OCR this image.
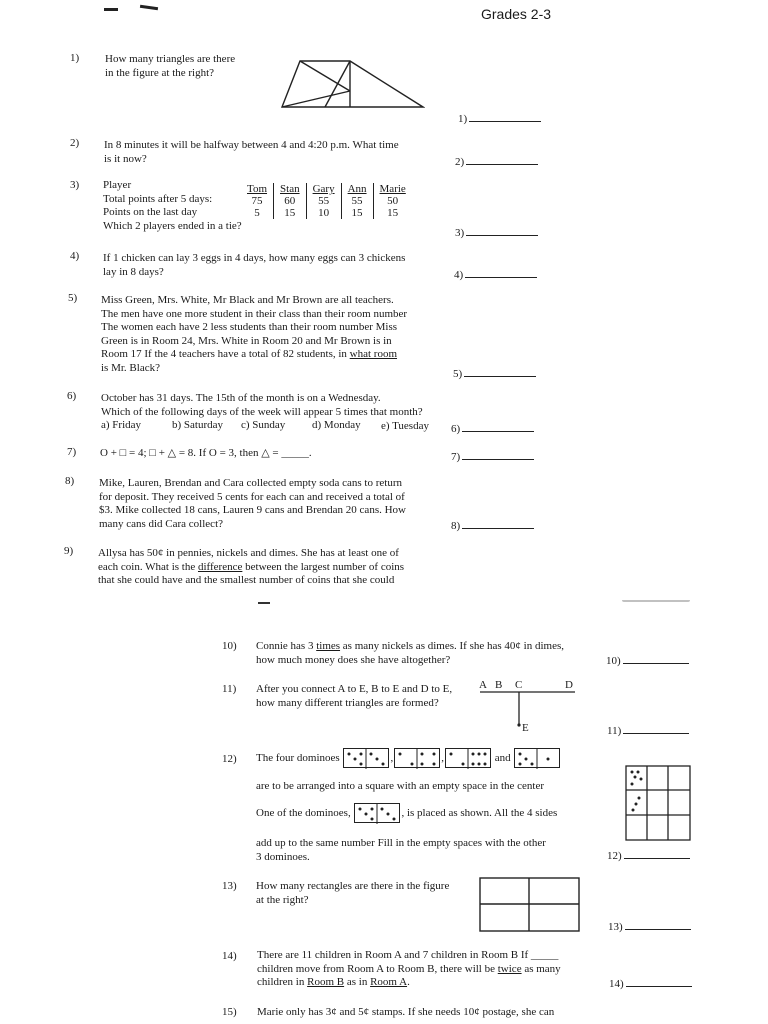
Grades 2-3
1)	How many triangles are there
in the figure at the right?
1)
2)	In 8 minutes it will be halfway between 4 and 4:20 p.m. What time
is it now?	2)
3)	Player
Total points after 5 days:
Points on the last day
Which 2 players ended in a tie?
Tom	Stan	Gary	Ann	Marie
75	60	55	55	50
5	15	10	15	15
3)
4)	If 1 chicken can lay 3 eggs in 4 days, how many eggs can 3 chickens
lay in 8 days?	4)
5)	Miss Green, Mrs. White, Mr Black and Mr Brown are all teachers.
The men have one more student in their class than their room number
The women each have 2 less students than their room number Miss
Green is in Room 24, Mrs. White in Room 20 and Mr Brown is in
Room 17 If the 4 teachers have a total of 82 students, in what room
is Mr. Black?
5)
6)	October has 31 days. The 15th of the month is on a Wednesday.
Which of the following days of the week will appear 5 times that month?
a) Friday	b) Saturday c) Sunday d) Monday e) Tuesday 6)
7)	O + □ = 4; □ + △ = 8. If O = 3, then △ = _____.	7)
8)	Mike, Lauren, Brendan and Cara collected empty soda cans to return
for deposit. They received 5 cents for each can and received a total of
$3. Mike collected 18 cans, Lauren 9 cans and Brendan 20 cans. How
many cans did Cara collect?	8)
9)	Allysa has 50¢ in pennies, nickels and dimes. She has at least one of
each coin. What is the difference between the largest number of coins
that she could have and the smallest number of coins that she could
10)	Connie has 3 times as many nickels as dimes. If she has 40¢ in dimes,
how much money does she have altogether?	10)
11)	After you connect A to E, B to E and D to E,
how many different triangles are formed?
A B C	D
E	11)
12)	The four dominoes	,	,	and
are to be arranged into a square with an empty space in the center
One of the dominoes,	, is placed as shown. All the 4 sides
add up to the same number Fill in the empty spaces with the other
3 dominoes.	12)
13)	How many rectangles are there in the figure
at the right?
13)
14)	There are 11 children in Room A and 7 children in Room B If _____
children move from Room A to Room B, there will be twice as many
children in Room B as in Room A.	14)
15)	Marie only has 3¢ and 5¢ stamps. If she needs 10¢ postage, she can
